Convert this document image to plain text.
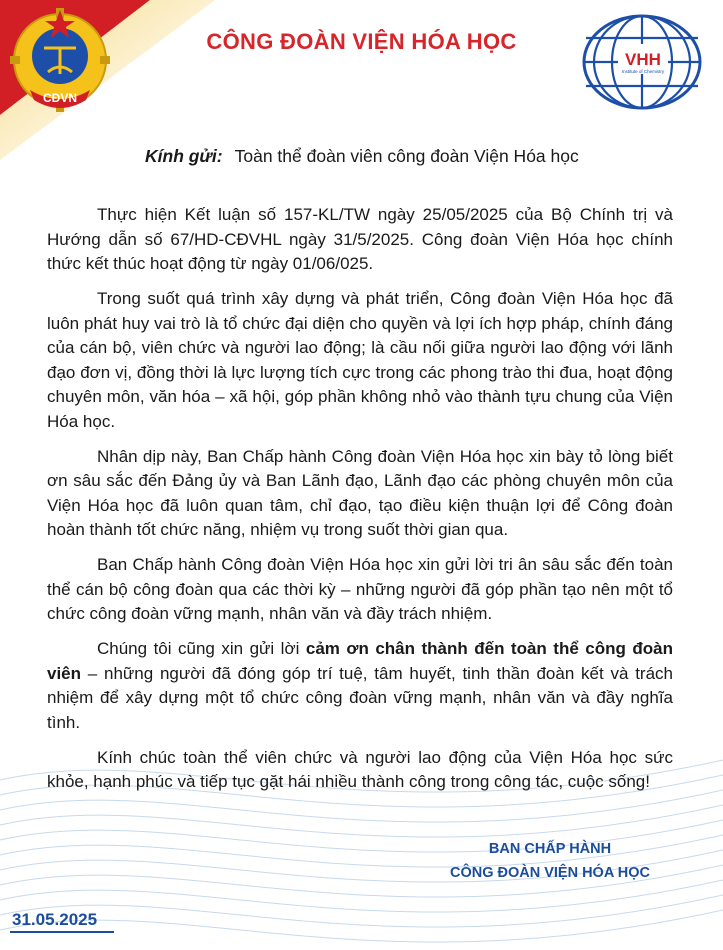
CĐVN
VHH
Institute of Chemistry
CÔNG ĐOÀN VIỆN HÓA HỌC
Kính gửi: Toàn thể đoàn viên công đoàn Viện Hóa học

Thực hiện Kết luận số 157-KL/TW ngày 25/05/2025 của Bộ Chính trị và Hướng dẫn số 67/HD-CĐVHL ngày 31/5/2025. Công đoàn Viện Hóa học chính thức kết thúc hoạt động từ ngày 01/06/025.

Trong suốt quá trình xây dựng và phát triển, Công đoàn Viện Hóa học đã luôn phát huy vai trò là tổ chức đại diện cho quyền và lợi ích hợp pháp, chính đáng của cán bộ, viên chức và người lao động; là cầu nối giữa người lao động với lãnh đạo đơn vị, đồng thời là lực lượng tích cực trong các phong trào thi đua, hoạt động chuyên môn, văn hóa – xã hội, góp phần không nhỏ vào thành tựu chung của Viện Hóa học.

Nhân dịp này, Ban Chấp hành Công đoàn Viện Hóa học xin bày tỏ lòng biết ơn sâu sắc đến Đảng ủy và Ban Lãnh đạo, Lãnh đạo các phòng chuyên môn của Viện Hóa học đã luôn quan tâm, chỉ đạo, tạo điều kiện thuận lợi để Công đoàn hoàn thành tốt chức năng, nhiệm vụ trong suốt thời gian qua.

Ban Chấp hành Công đoàn Viện Hóa học xin gửi lời tri ân sâu sắc đến toàn thể cán bộ công đoàn qua các thời kỳ – những người đã góp phần tạo nên một tổ chức công đoàn vững mạnh, nhân văn và đầy trách nhiệm.

Chúng tôi cũng xin gửi lời cảm ơn chân thành đến toàn thể công đoàn viên – những người đã đóng góp trí tuệ, tâm huyết, tinh thần đoàn kết và trách nhiệm để xây dựng một tổ chức công đoàn vững mạnh, nhân văn và đầy nghĩa tình.

Kính chúc toàn thể viên chức và người lao động của Viện Hóa học sức khỏe, hạnh phúc và tiếp tục gặt hái nhiều thành công trong công tác, cuộc sống!

BAN CHẤP HÀNH
CÔNG ĐOÀN VIỆN HÓA HỌC
31.05.2025
